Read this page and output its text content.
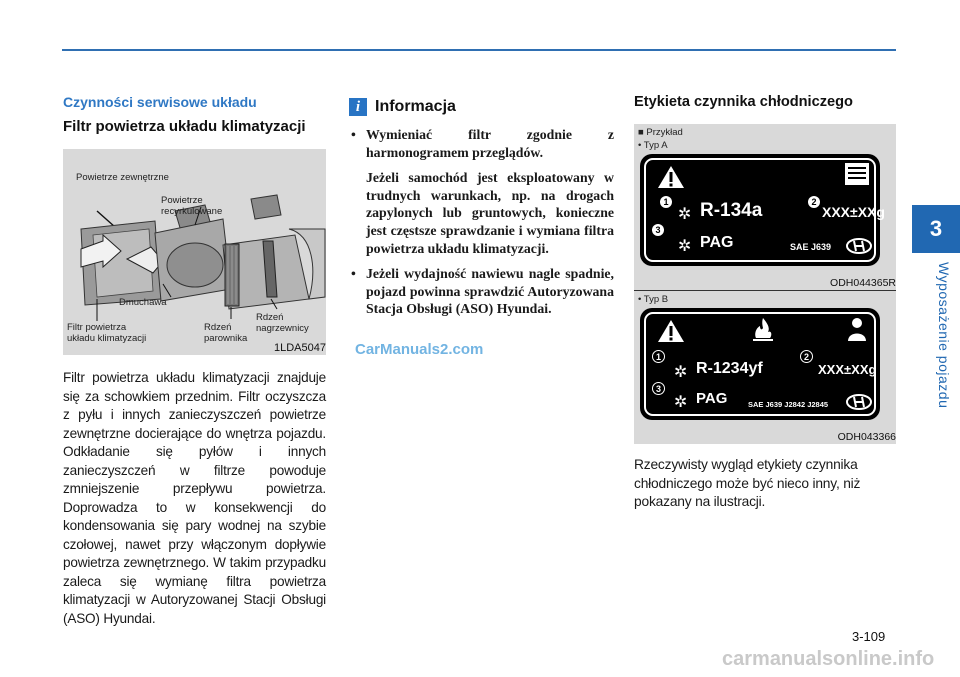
3
Wyposażenie pojazdu
Czynności serwisowe układu
Filtr powietrza układu klimatyzacji
Powietrze zewnętrzne
Powietrze
recyrkulowane
Dmuchawa
Filtr powietrza
układu klimatyzacji
Rdzeń
parownika
Rdzeń
nagrzewnicy
1LDA5047

Filtr powietrza układu klimatyzacji znajduje się za schowkiem przednim. Filtr oczyszcza z pyłu i innych zanieczyszczeń powietrze zewnętrzne docierające do wnętrza pojazdu. Odkładanie się pyłów i innych zanieczyszczeń w filtrze powoduje zmniejszenie przepływu powietrza. Doprowadza to w konsekwencji do kondensowania się pary wodnej na szybie czołowej, nawet przy włączonym dopływie powietrza zewnętrznego. W takim przypadku zaleca się wymianę filtra powietrza klimatyzacji w Autoryzowanej Stacji Obsługi (ASO) Hyundai.

i Informacja
• Wymieniać filtr zgodnie z harmonogramem przeglądów.
Jeżeli samochód jest eksploatowany w trudnych warunkach, np. na drogach zapylonych lub gruntowych, konieczne jest częstsze sprawdzanie i wymiana filtra powietrza układu klimatyzacji.
• Jeżeli wydajność nawiewu nagle spadnie, pojazd powinna sprawdzić Autoryzowana Stacja Obsługi (ASO) Hyundai.
Etykieta czynnika chłodniczego
■ Przykład
• Typ A
1	2
3
✲
✲
R-134a	XXX±XXg
PAG	SAE J639
ODH044365R
• Typ B
1	2
3
✲
✲
R-1234yf	XXX±XXg
PAG	SAE J639 J2842 J2845
ODH043366

Rzeczywisty wygląd etykiety czynnika chłodniczego może być nieco inny, niż pokazany na ilustracji.

CarManuals2.com
3-109
carmanualsonline.info
